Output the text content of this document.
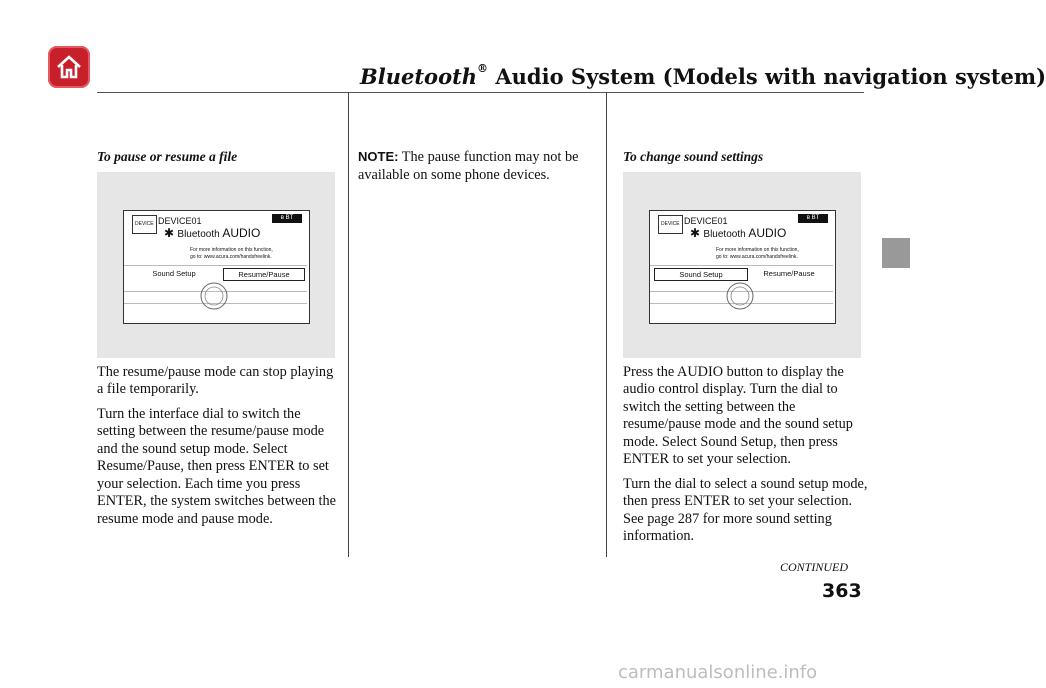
Bluetooth® Audio System (Models with navigation system)
To pause or resume a file
DEVICE DEVICE01	ʙ BT
✱ Bluetooth AUDIO
For more information on this function,
go to: www.acura.com/handsfreelink.
Sound Setup	Resume/Pause

The resume/pause mode can stop playing a file temporarily.

Turn the interface dial to switch the setting between the resume/pause mode and the sound setup mode. Select Resume/Pause, then press ENTER to set your selection. Each time you press ENTER, the system switches between the resume mode and pause mode.

NOTE: The pause function may not be available on some phone devices.

To change sound settings
DEVICE DEVICE01	ʙ BT
✱ Bluetooth AUDIO
For more information on this function,
go to: www.acura.com/handsfreelink.
Sound Setup	Resume/Pause

Press the AUDIO button to display the audio control display. Turn the dial to switch the setting between the resume/pause mode and the sound setup mode. Select Sound Setup, then press ENTER to set your selection.

Turn the dial to select a sound setup mode, then press ENTER to set your selection. See page 287 for more sound setting information.

CONTINUED
363
carmanualsonline.info
